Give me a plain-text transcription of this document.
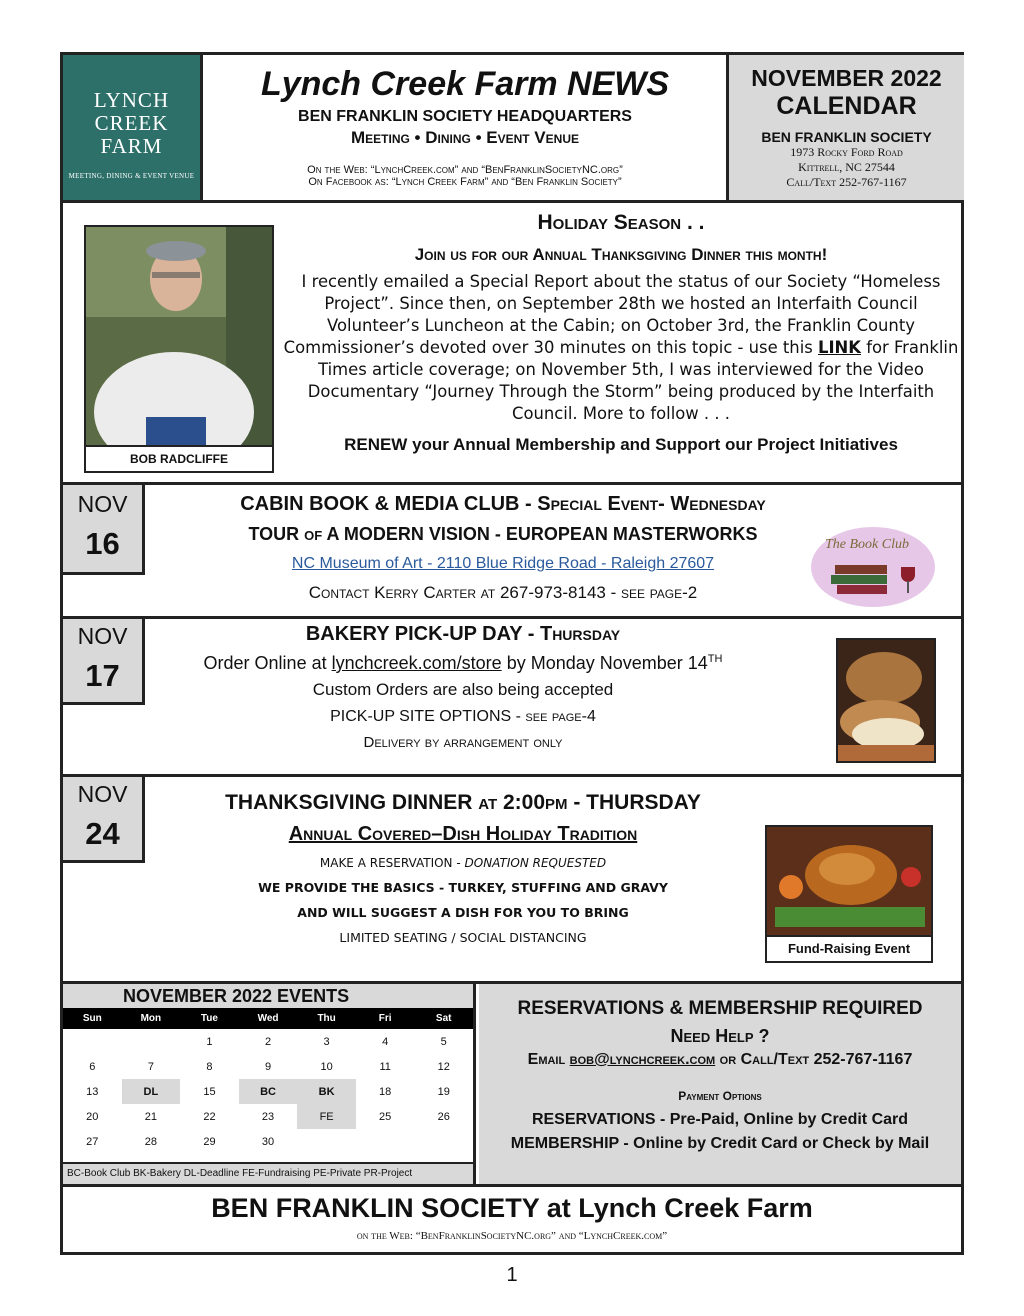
LYNCH
CREEK
FARM
MEETING, DINING & EVENT VENUE
Lynch Creek Farm NEWS
BEN FRANKLIN SOCIETY HEADQUARTERS
Meeting • Dining • Event Venue
On the Web: “LynchCreek.com” and “BenFranklinSocietyNC.org”
On Facebook as: “Lynch Creek Farm” and “Ben Franklin Society”
NOVEMBER 2022
CALENDAR
BEN FRANKLIN SOCIETY
1973 Rocky Ford Road
Kittrell, NC 27544
Call/Text 252-767-1167
BOB RADCLIFFE
Holiday Season . .
Join us for our Annual Thanksgiving Dinner this month!
I recently emailed a Special Report about the status of our Society “Homeless Project”. Since then, on September 28th we hosted an Interfaith Council Volunteer’s Luncheon at the Cabin; on October 3rd, the Franklin County Commissioner’s devoted over 30 minutes on this topic - use this LINK for Franklin Times article coverage; on November 5th, I was interviewed for the Video Documentary “Journey Through the Storm” being produced by the Interfaith Council. More to follow . . .
RENEW your Annual Membership and Support our Project Initiatives
NOV
16
CABIN BOOK & MEDIA CLUB - Special Event- Wednesday
TOUR of A MODERN VISION - EUROPEAN MASTERWORKS
NC Museum of Art - 2110 Blue Ridge Road - Raleigh 27607
Contact Kerry Carter at 267-973-8143 - see page-2
The Book Club
NOV
17
BAKERY PICK-UP DAY - Thursday
Order Online at lynchcreek.com/store by Monday November 14TH
Custom Orders are also being accepted
PICK-UP SITE OPTIONS - see page-4
Delivery by arrangement only
NOV
24
THANKSGIVING DINNER at 2:00pm - THURSDAY
Annual Covered–Dish Holiday Tradition
MAKE A RESERVATION - DONATION REQUESTED
WE PROVIDE THE BASICS - TURKEY, STUFFING AND GRAVY
AND WILL SUGGEST A DISH FOR YOU TO BRING
LIMITED SEATING / SOCIAL DISTANCING
Fund-Raising Event
NOVEMBER 2022 EVENTS
Sun	Mon	Tue	Wed	Thu	Fri	Sat
		1	2	3	4	5
6	7	8	9	10	11	12
13	DL	15	BC	BK	18	19
20	21	22	23	FE	25	26
27	28	29	30			
BC-Book Club BK-Bakery DL-Deadline FE-Fundraising PE-Private PR-Project
RESERVATIONS & MEMBERSHIP REQUIRED
Need Help ?
Email bob@lynchcreek.com or Call/Text 252-767-1167
Payment Options
RESERVATIONS - Pre-Paid, Online by Credit Card
MEMBERSHIP - Online by Credit Card or Check by Mail
BEN FRANKLIN SOCIETY at Lynch Creek Farm
on the Web: “BenFranklinSocietyNC.org” and “LynchCreek.com”
1
